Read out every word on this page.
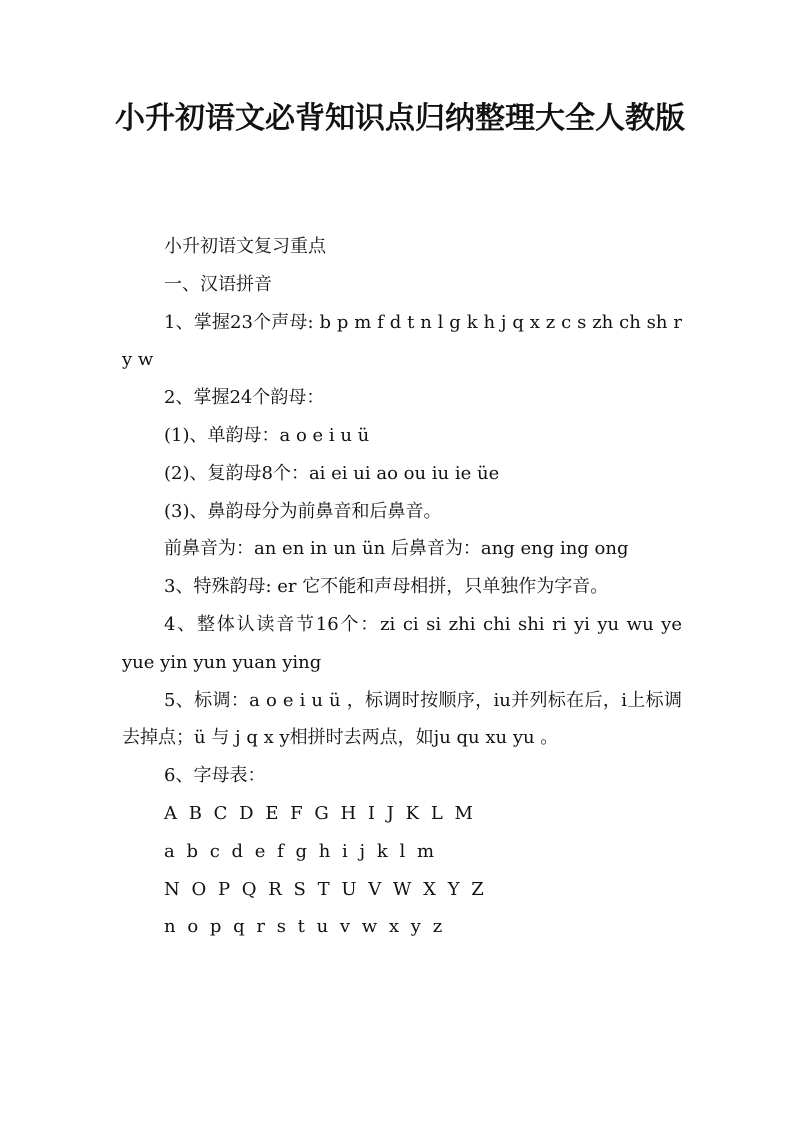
小升初语文必背知识点归纳整理大全人教版

小升初语文复习重点

一、汉语拼音

1、掌握23个声母: b p m f d t n l g k h j q x z c s zh ch sh r y w

2、掌握24个韵母：

(1)、单韵母：a o e i u ü

(2)、复韵母8个：ai ei ui ao ou iu ie üe

(3)、鼻韵母分为前鼻音和后鼻音。

前鼻音为：an en in un ün 后鼻音为：ang eng ing ong

3、特殊韵母: er 它不能和声母相拼，只单独作为字音。

4、整体认读音节16个：zi ci si zhi chi shi ri yi yu wu ye yue yin yun yuan ying

5、标调：a o e i u ü ，标调时按顺序，iu并列标在后，i上标调去掉点；ü 与 j q x y相拼时去两点，如ju qu xu yu 。

6、字母表：

A B C D E F G H I J K L M

a b c d e f g h i j k l m

N O P Q R S T U V W X Y Z

n o p q r s t u v w x y z
